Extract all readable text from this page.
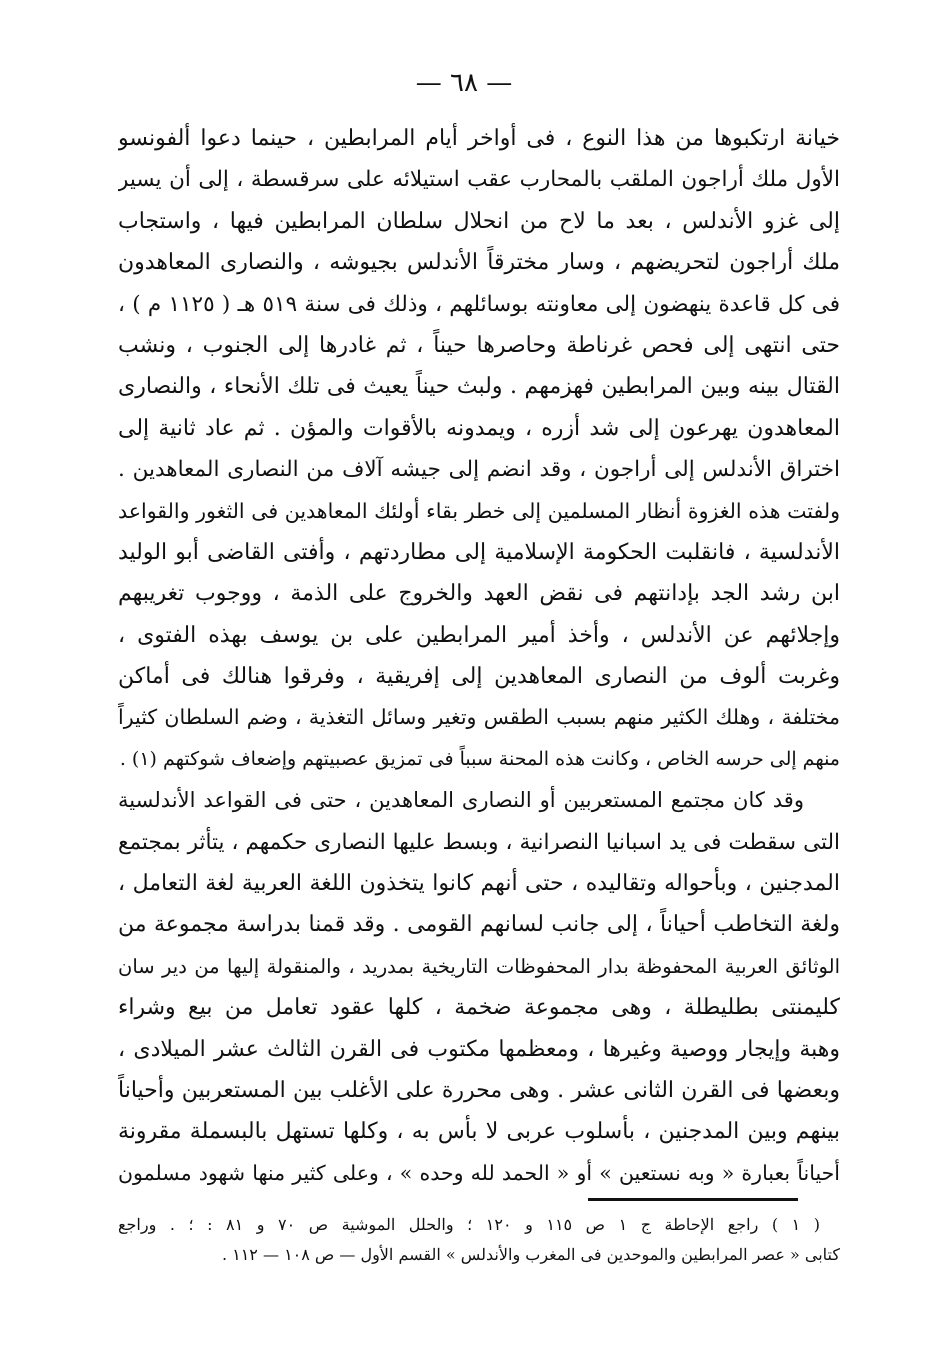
— ٦٨ —
خيانة ارتكبوها من هذا النوع ، فى أواخر أيام المرابطين ، حينما دعوا ألفونسو
الأول ملك أراجون الملقب بالمحارب عقب استيلائه على سرقسطة ، إلى أن يسير
إلى غزو الأندلس ، بعد ما لاح من انحلال سلطان المرابطين فيها ، واستجاب
ملك أراجون لتحريضهم ، وسار مخترقاً الأندلس بجيوشه ، والنصارى المعاهدون
فى كل قاعدة ينهضون إلى معاونته بوسائلهم ، وذلك فى سنة ٥١٩ هـ ( ١١٢٥ م ) ،
حتى انتهى إلى فحص غرناطة وحاصرها حيناً ، ثم غادرها إلى الجنوب ، ونشب
القتال بينه وبين المرابطين فهزمهم . ولبث حيناً يعيث فى تلك الأنحاء ، والنصارى
المعاهدون يهرعون إلى شد أزره ، ويمدونه بالأقوات والمؤن . ثم عاد ثانية إلى
اختراق الأندلس إلى أراجون ، وقد انضم إلى جيشه آلاف من النصارى المعاهدين .
ولفتت هذه الغزوة أنظار المسلمين إلى خطر بقاء أولئك المعاهدين فى الثغور والقواعد
الأندلسية ، فانقلبت الحكومة الإسلامية إلى مطاردتهم ، وأفتى القاضى أبو الوليد
ابن رشد الجد بإدانتهم فى نقض العهد والخروج على الذمة ، ووجوب تغريبهم
وإجلائهم عن الأندلس ، وأخذ أمير المرابطين على بن يوسف بهذه الفتوى ،
وغربت ألوف من النصارى المعاهدين إلى إفريقية ، وفرقوا هنالك فى أماكن
مختلفة ، وهلك الكثير منهم بسبب الطقس وتغير وسائل التغذية ، وضم السلطان كثيراً
منهم إلى حرسه الخاص ، وكانت هذه المحنة سبباً فى تمزيق عصبيتهم وإضعاف شوكتهم (١) .
وقد كان مجتمع المستعربين أو النصارى المعاهدين ، حتى فى القواعد الأندلسية
التى سقطت فى يد اسبانيا النصرانية ، وبسط عليها النصارى حكمهم ، يتأثر بمجتمع
المدجنين ، وبأحواله وتقاليده ، حتى أنهم كانوا يتخذون اللغة العربية لغة التعامل ،
ولغة التخاطب أحياناً ، إلى جانب لسانهم القومى . وقد قمنا بدراسة مجموعة من
الوثائق العربية المحفوظة بدار المحفوظات التاريخية بمدريد ، والمنقولة إليها من دير سان
كليمنتى بطليطلة ، وهى مجموعة ضخمة ، كلها عقود تعامل من بيع وشراء
وهبة وإيجار ووصية وغيرها ، ومعظمها مكتوب فى القرن الثالث عشر الميلادى ،
وبعضها فى القرن الثانى عشر . وهى محررة على الأغلب بين المستعربين وأحياناً
بينهم وبين المدجنين ، بأسلوب عربى لا بأس به ، وكلها تستهل بالبسملة مقرونة
أحياناً بعبارة « وبه نستعين » أو « الحمد لله وحده » ، وعلى كثير منها شهود مسلمون
( ١ ) راجع الإحاطة ج ١ ص ١١٥ و ١٢٠ ؛ والحلل الموشية ص ٧٠ و ٨١ : ؛ . وراجع
كتابى « عصر المرابطين والموحدين فى المغرب والأندلس » القسم الأول — ص ١٠٨ — ١١٢ .
